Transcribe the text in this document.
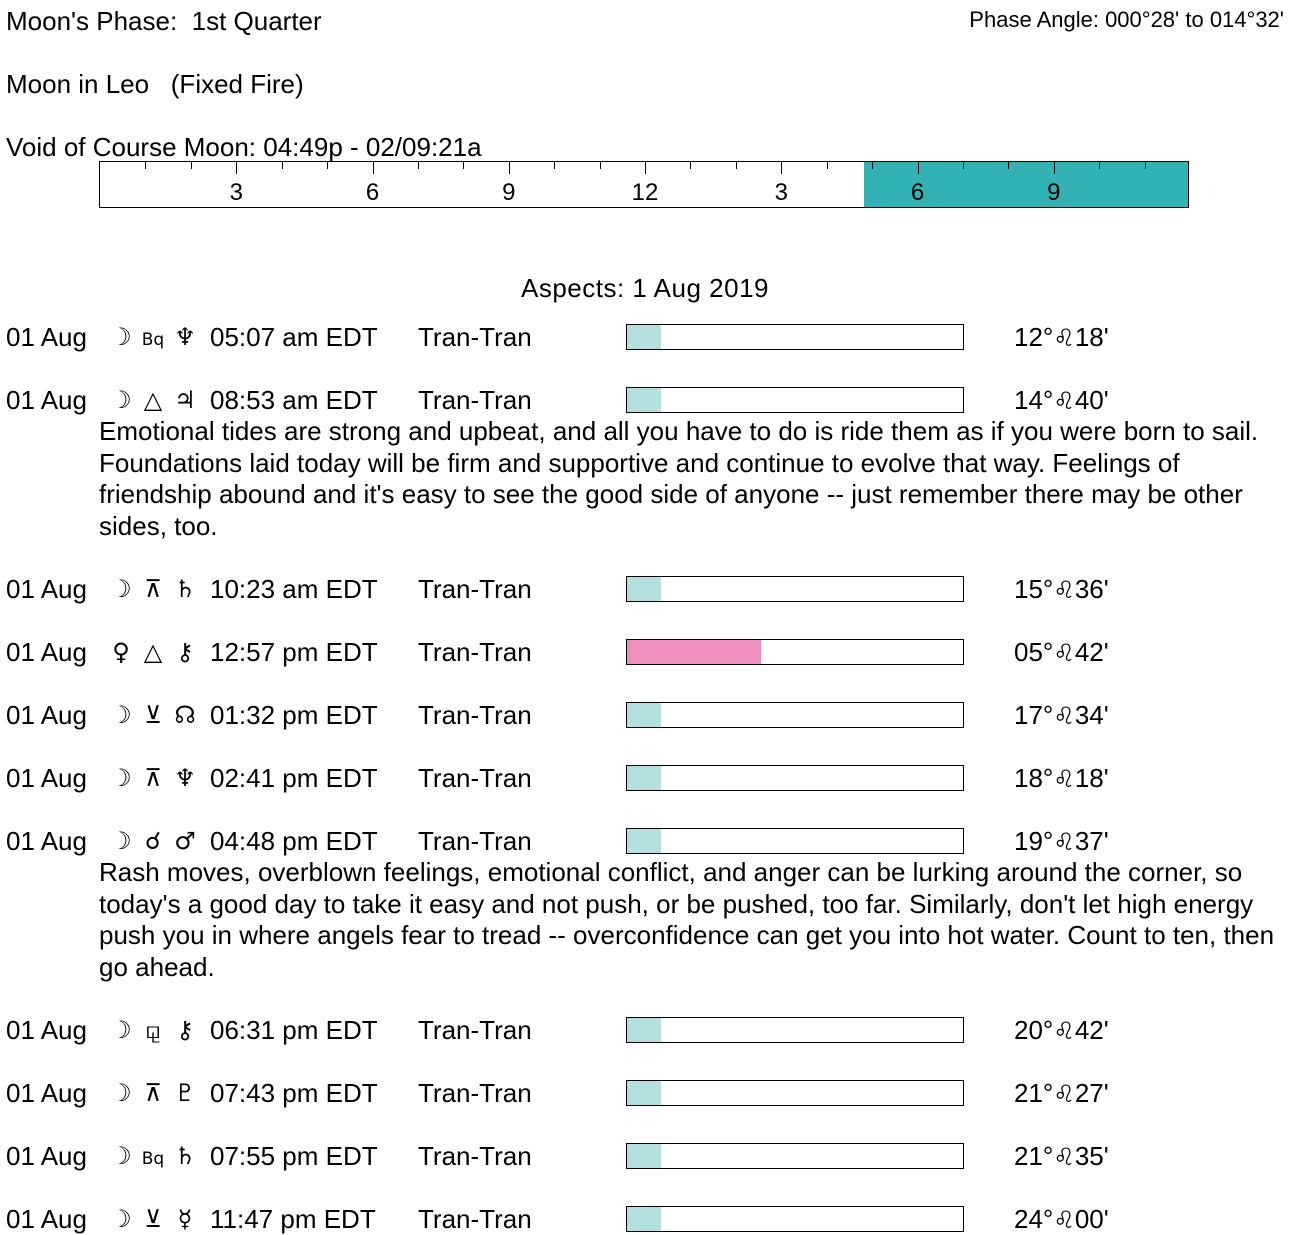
Phase Angle: 000°28' to 014°32'
Moon's Phase: 1st Quarter
Moon in Leo   (Fixed Fire)
Void of Course Moon: 04:49p - 02/09:21a
3	6	9	12	3	6	9
Aspects: 1 Aug 2019
01 Aug ☽ Bq ♆ 05:07 am EDT Tran-Tran	12°♌18'
01 Aug ☽ △ ♃ 08:53 am EDT Tran-Tran	14°♌40'
Emotional tides are strong and upbeat, and all you have to do is ride them as if you were born to sail. Foundations laid today will be firm and supportive and continue to evolve that way. Feelings of friendship abound and it's easy to see the good side of anyone -- just remember there may be other sides, too.
01 Aug ☽ ⊼ ♄ 10:23 am EDT Tran-Tran	15°♌36'
01 Aug ♀ △ ⚷ 12:57 pm EDT Tran-Tran	05°♌42'
01 Aug ☽ ⊻ ☊ 01:32 pm EDT Tran-Tran	17°♌34'
01 Aug ☽ ⊼ ♆ 02:41 pm EDT Tran-Tran	18°♌18'
01 Aug ☽ ☌ ♂ 04:48 pm EDT Tran-Tran	19°♌37'
Rash moves, overblown feelings, emotional conflict, and anger can be lurking around the corner, so today's a good day to take it easy and not push, or be pushed, too far. Similarly, don't let high energy push you in where angels fear to tread -- overconfidence can get you into hot water. Count to ten, then go ahead.
01 Aug ☽ ⚼ ⚷ 06:31 pm EDT Tran-Tran	20°♌42'
01 Aug ☽ ⊼ ♇ 07:43 pm EDT Tran-Tran	21°♌27'
01 Aug ☽ Bq ♄ 07:55 pm EDT Tran-Tran	21°♌35'
01 Aug ☽ ⊻ ☿ 11:47 pm EDT Tran-Tran	24°♌00'
